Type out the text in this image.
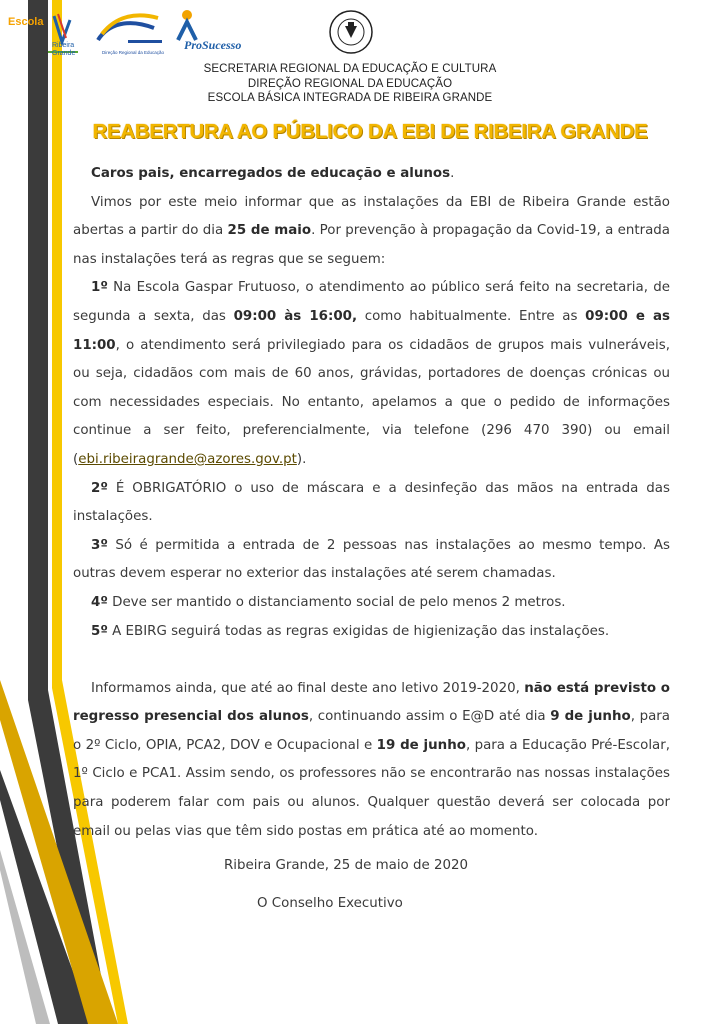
Escola
Ribeira Grande	Direção Regional da Educação
ProSucesso
SECRETARIA REGIONAL DA EDUCAÇÃO E CULTURA
DIREÇÃO REGIONAL DA EDUCAÇÃO
ESCOLA BÁSICA INTEGRADA DE RIBEIRA GRANDE
REABERTURA AO PÚBLICO DA EBI DE RIBEIRA GRANDE

Caros pais, encarregados de educação e alunos.

Vimos por este meio informar que as instalações da EBI de Ribeira Grande estão abertas a partir do dia 25 de maio. Por prevenção à propagação da Covid-19, a entrada nas instalações terá as regras que se seguem:

1º Na Escola Gaspar Frutuoso, o atendimento ao público será feito na secretaria, de segunda a sexta, das 09:00 às 16:00, como habitualmente. Entre as 09:00 e as 11:00, o atendimento será privilegiado para os cidadãos de grupos mais vulneráveis, ou seja, cidadãos com mais de 60 anos, grávidas, portadores de doenças crónicas ou com necessidades especiais. No entanto, apelamos a que o pedido de informações continue a ser feito, preferencialmente, via telefone (296 470 390) ou email (ebi.ribeiragrande@azores.gov.pt).

2º É OBRIGATÓRIO o uso de máscara e a desinfeção das mãos na entrada das instalações.

3º Só é permitida a entrada de 2 pessoas nas instalações ao mesmo tempo. As outras devem esperar no exterior das instalações até serem chamadas.

4º Deve ser mantido o distanciamento social de pelo menos 2 metros.

5º A EBIRG seguirá todas as regras exigidas de higienização das instalações.

Informamos ainda, que até ao final deste ano letivo 2019-2020, não está previsto o regresso presencial dos alunos, continuando assim o E@D até dia 9 de junho, para o 2º Ciclo, OPIA, PCA2, DOV e Ocupacional e 19 de junho, para a Educação Pré-Escolar, 1º Ciclo e PCA1. Assim sendo, os professores não se encontrarão nas nossas instalações para poderem falar com pais ou alunos. Qualquer questão deverá ser colocada por email ou pelas vias que têm sido postas em prática até ao momento.

Ribeira Grande, 25 de maio de 2020
O Conselho Executivo
